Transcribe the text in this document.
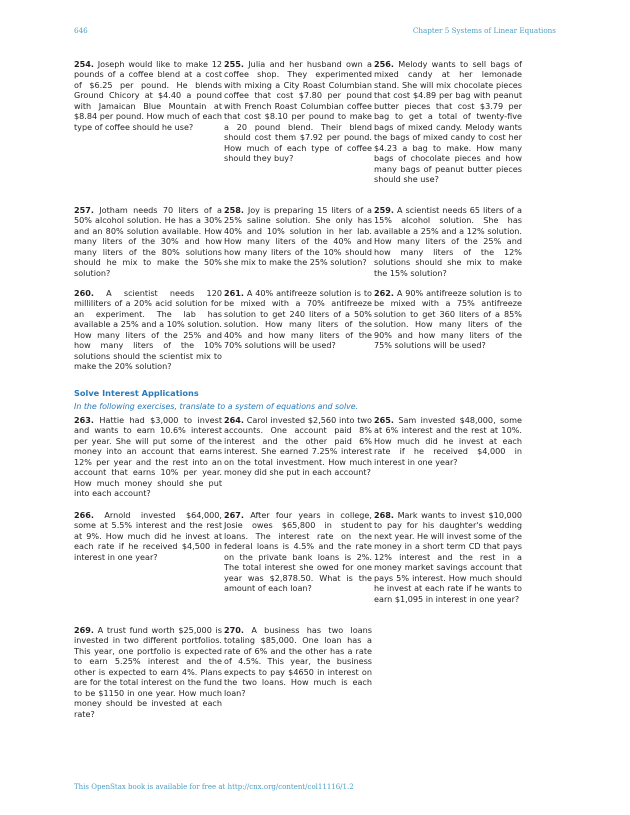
646	Chapter 5 Systems of Linear Equations
254. Joseph would like to make 12 pounds of a coffee blend at a cost of $6.25 per pound. He blends Ground Chicory at $4.40 a pound with Jamaican Blue Mountain at $8.84 per pound. How much of each type of coffee should he use?
255. Julia and her husband own a coffee shop. They experimented with mixing a City Roast Columbian coffee that cost $7.80 per pound with French Roast Columbian coffee that cost $8.10 per pound to make a 20 pound blend. Their blend should cost them $7.92 per pound. How much of each type of coffee should they buy?
256. Melody wants to sell bags of mixed candy at her lemonade stand. She will mix chocolate pieces that cost $4.89 per bag with peanut butter pieces that cost $3.79 per bag to get a total of twenty-five bags of mixed candy. Melody wants the bags of mixed candy to cost her $4.23 a bag to make. How many bags of chocolate pieces and how many bags of peanut butter pieces should she use?
257. Jotham needs 70 liters of a 50% alcohol solution. He has a 30% and an 80% solution available. How many liters of the 30% and how many liters of the 80% solutions should he mix to make the 50% solution?
258. Joy is preparing 15 liters of a 25% saline solution. She only has 40% and 10% solution in her lab. How many liters of the 40% and how many liters of the 10% should she mix to make the 25% solution?
259. A scientist needs 65 liters of a 15% alcohol solution. She has available a 25% and a 12% solution. How many liters of the 25% and how many liters of the 12% solutions should she mix to make the 15% solution?
260. A scientist needs 120 milliliters of a 20% acid solution for an experiment. The lab has available a 25% and a 10% solution. How many liters of the 25% and how many liters of the 10% solutions should the scientist mix to make the 20% solution?
261. A 40% antifreeze solution is to be mixed with a 70% antifreeze solution to get 240 liters of a 50% solution. How many liters of the 40% and how many liters of the 70% solutions will be used?
262. A 90% antifreeze solution is to be mixed with a 75% antifreeze solution to get 360 liters of a 85% solution. How many liters of the 90% and how many liters of the 75% solutions will be used?
Solve Interest Applications
In the following exercises, translate to a system of equations and solve.
263. Hattie had $3,000 to invest and wants to earn 10.6% interest per year. She will put some of the money into an account that earns 12% per year and the rest into an account that earns 10% per year. How much money should she put into each account?
264. Carol invested $2,560 into two accounts. One account paid 8% interest and the other paid 6% interest. She earned 7.25% interest on the total investment. How much money did she put in each account?
265. Sam invested $48,000, some at 6% interest and the rest at 10%. How much did he invest at each rate if he received $4,000 in interest in one year?
266. Arnold invested $64,000, some at 5.5% interest and the rest at 9%. How much did he invest at each rate if he received $4,500 in interest in one year?
267. After four years in college, Josie owes $65,800 in student loans. The interest rate on the federal loans is 4.5% and the rate on the private bank loans is 2%. The total interest she owed for one year was $2,878.50. What is the amount of each loan?
268. Mark wants to invest $10,000 to pay for his daughter's wedding next year. He will invest some of the money in a short term CD that pays 12% interest and the rest in a money market savings account that pays 5% interest. How much should he invest at each rate if he wants to earn $1,095 in interest in one year?
269. A trust fund worth $25,000 is invested in two different portfolios. This year, one portfolio is expected to earn 5.25% interest and the other is expected to earn 4%. Plans are for the total interest on the fund to be $1150 in one year. How much money should be invested at each rate?
270. A business has two loans totaling $85,000. One loan has a rate of 6% and the other has a rate of 4.5%. This year, the business expects to pay $4650 in interest on the two loans. How much is each loan?
This OpenStax book is available for free at http://cnx.org/content/col11116/1.2
